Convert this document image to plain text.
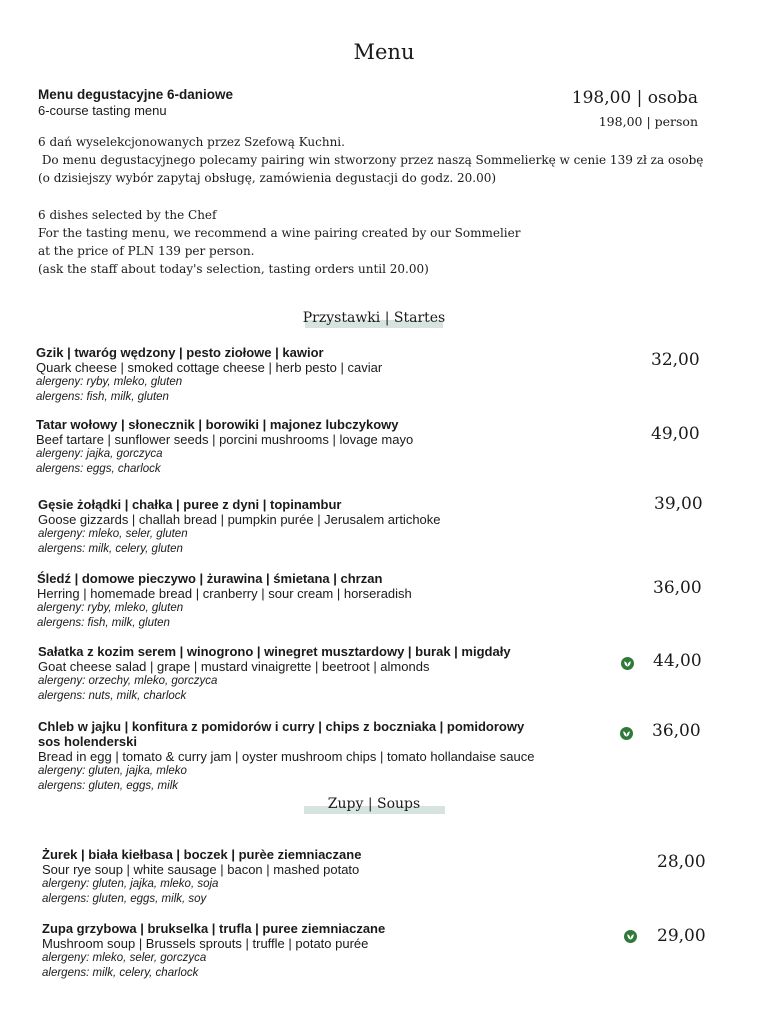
Menu
Menu degustacyjne 6-daniowe
6-course tasting menu
198,00 | osoba
198,00 | person
6 dań wyselekcjonowanych przez Szefową Kuchni.
Do menu degustacyjnego polecamy pairing win stworzony przez naszą Sommelierkę w cenie 139 zł za osobę
(o dzisiejszy wybór zapytaj obsługę, zamówienia degustacji do godz. 20.00)
6 dishes selected by the Chef
For the tasting menu, we recommend a wine pairing created by our Sommelier
at the price of PLN 139 per person.
(ask the staff about today's selection, tasting orders until 20.00)
Przystawki | Startes
Gzik | twaróg wędzony | pesto ziołowe | kawior
Quark cheese | smoked cottage cheese | herb pesto | caviar
alergeny: ryby, mleko, gluten
alergens: fish, milk, gluten
32,00
Tatar wołowy | słonecznik | borowiki | majonez lubczykowy
Beef tartare | sunflower seeds | porcini mushrooms | lovage mayo
alergeny: jajka, gorczyca
alergens: eggs, charlock
49,00
Gęsie żołądki | chałka | puree z dyni | topinambur
Goose gizzards | challah bread | pumpkin purée | Jerusalem artichoke
alergeny: mleko, seler, gluten
alergens: milk, celery, gluten
39,00
Śledź | domowe pieczywo | żurawina | śmietana | chrzan
Herring | homemade bread | cranberry | sour cream | horseradish
alergeny: ryby, mleko, gluten
alergens: fish, milk, gluten
36,00
Sałatka z kozim serem | winogrono | winegret musztardowy | burak | migdały
Goat cheese salad | grape | mustard vinaigrette | beetroot | almonds
alergeny: orzechy, mleko, gorczyca
alergens: nuts, milk, charlock
44,00
Chleb w jajku | konfitura z pomidorów i curry | chips z boczniaka | pomidorowy
sos holenderski
Bread in egg | tomato & curry jam | oyster mushroom chips | tomato hollandaise sauce
alergeny: gluten, jajka, mleko
alergens: gluten, eggs, milk
36,00
Zupy | Soups
Żurek | biała kiełbasa | boczek | purèe ziemniaczane
Sour rye soup | white sausage | bacon | mashed potato
alergeny: gluten, jajka, mleko, soja
alergens: gluten, eggs, milk, soy
28,00
Zupa grzybowa | brukselka | trufla | puree ziemniaczane
Mushroom soup | Brussels sprouts | truffle | potato purée
alergeny: mleko, seler, gorczyca
alergens: milk, celery, charlock
29,00
